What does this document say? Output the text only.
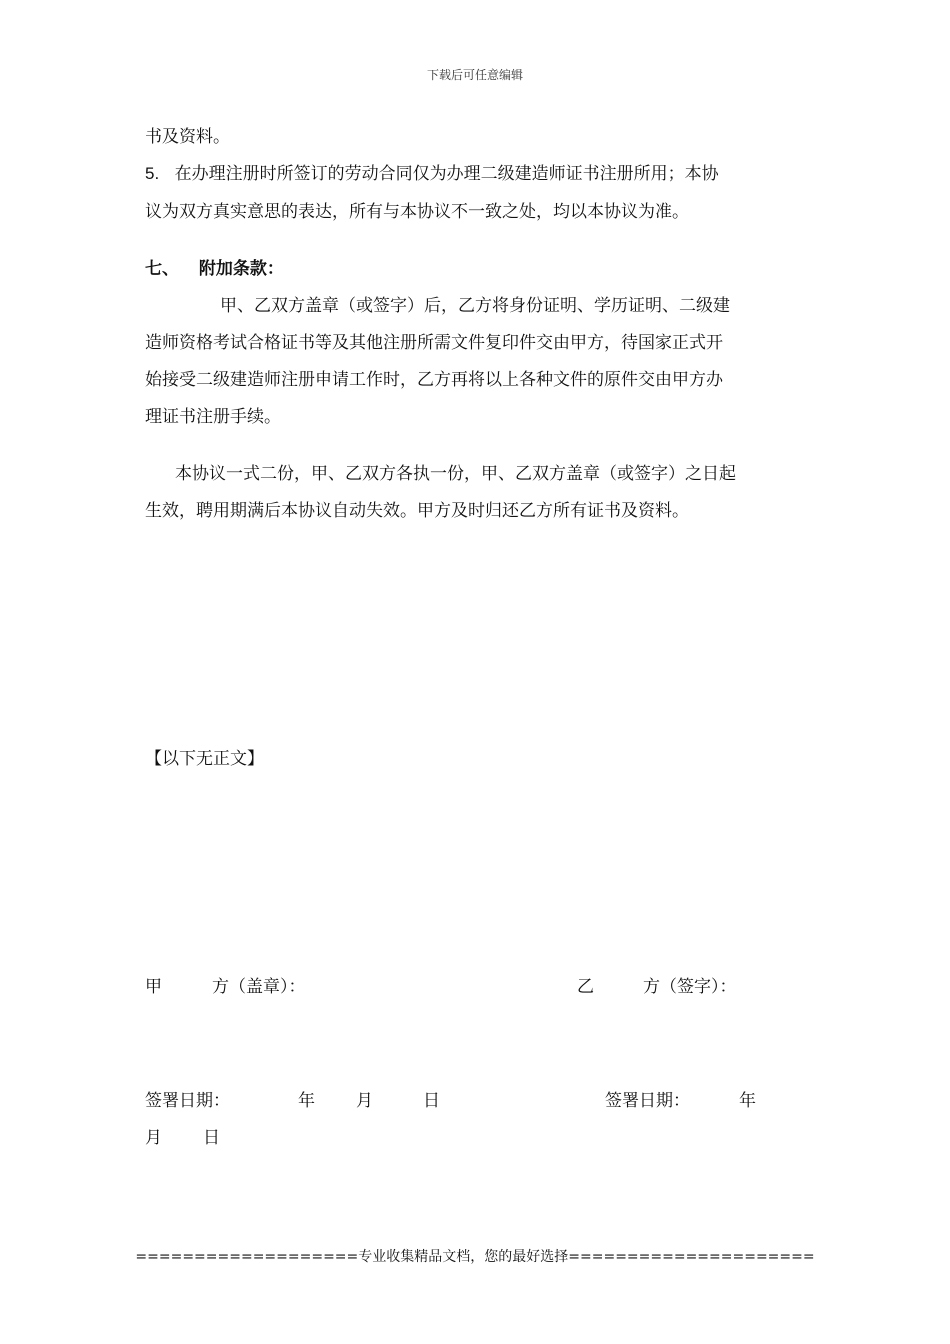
下载后可任意编辑
书及资料。
5. 在办理注册时所签订的劳动合同仅为办理二级建造师证书注册所用；本协
议为双方真实意思的表达，所有与本协议不一致之处，均以本协议为准。
七、 附加条款：
甲、乙双方盖章（或签字）后，乙方将身份证明、学历证明、二级建
造师资格考试合格证书等及其他注册所需文件复印件交由甲方，待国家正式开
始接受二级建造师注册申请工作时，乙方再将以上各种文件的原件交由甲方办
理证书注册手续。
本协议一式二份，甲、乙双方各执一份，甲、乙双方盖章（或签字）之日起
生效，聘用期满后本协议自动失效。甲方及时归还乙方所有证书及资料。
【以下无正文】
甲	方（盖章）：	乙	方（签字）：
签署日期：	年 月	日	签署日期：	年
月 日
===================专业收集精品文档，您的最好选择=====================
